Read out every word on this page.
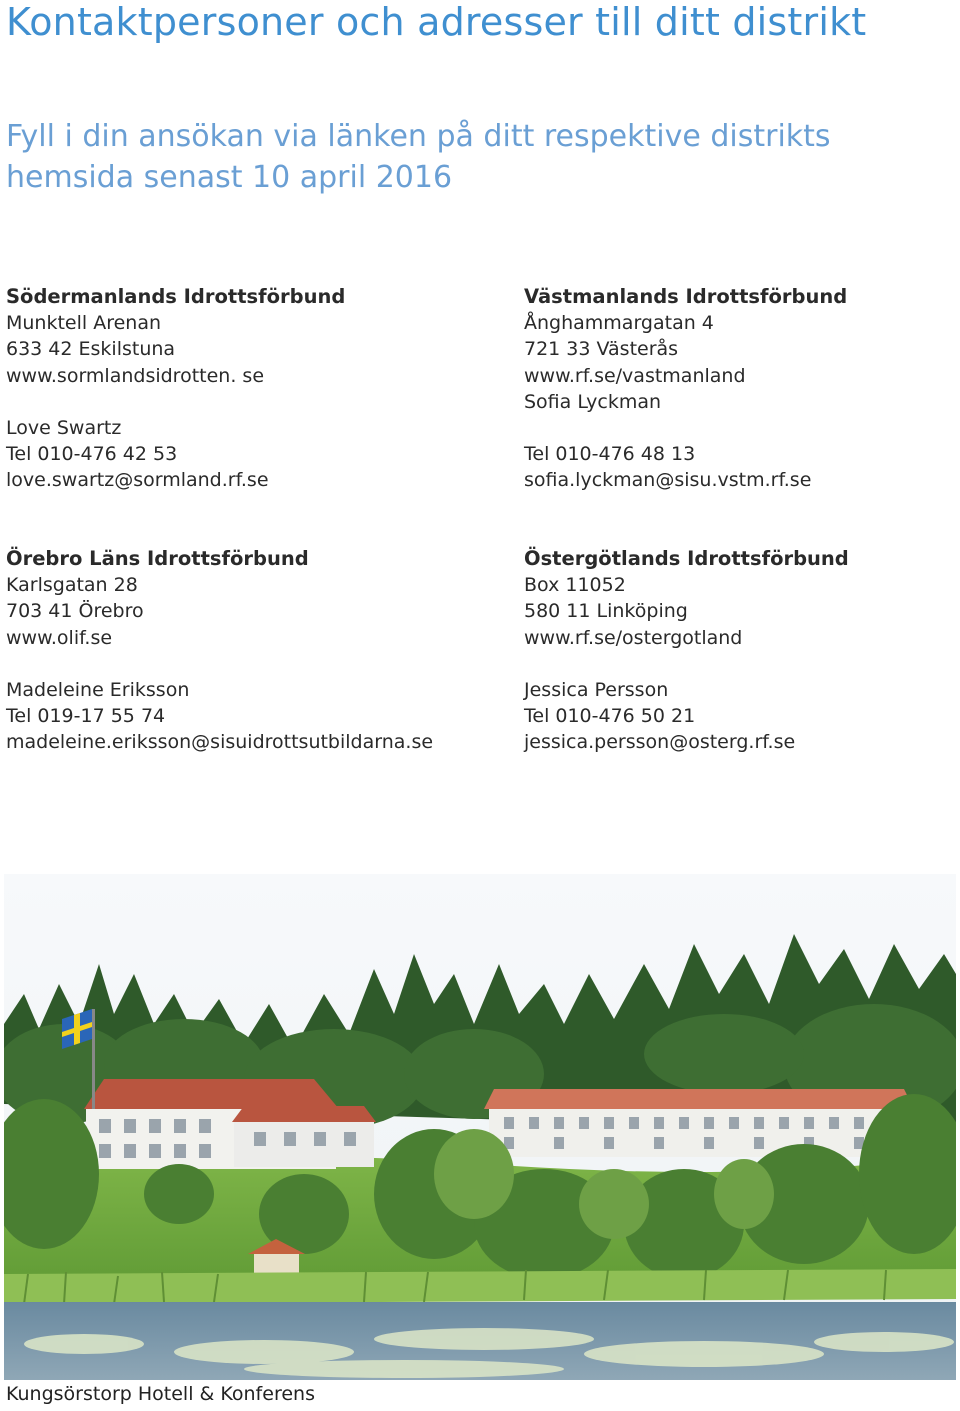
Kontaktpersoner och adresser till ditt distrikt
Fyll i din ansökan via länken på ditt respektive distrikts hemsida senast 10 april 2016
Södermanlands Idrottsförbund
Munktell Arenan
633 42 Eskilstuna
www.sormlandsidrotten. se
Love Swartz
Tel 010-476 42 53
love.swartz@sormland.rf.se
Västmanlands Idrottsförbund
Ånghammargatan 4
721 33 Västerås
www.rf.se/vastmanland
Sofia Lyckman
Tel 010-476 48 13
sofia.lyckman@sisu.vstm.rf.se
Örebro Läns Idrottsförbund
Karlsgatan 28
703 41 Örebro
www.olif.se
Madeleine Eriksson
Tel 019-17 55 74
madeleine.eriksson@sisuidrottsutbildarna.se
Östergötlands Idrottsförbund
Box 11052
580 11 Linköping
www.rf.se/ostergotland
Jessica Persson
Tel 010-476 50 21
jessica.persson@osterg.rf.se
Kungsörstorp Hotell & Konferens
